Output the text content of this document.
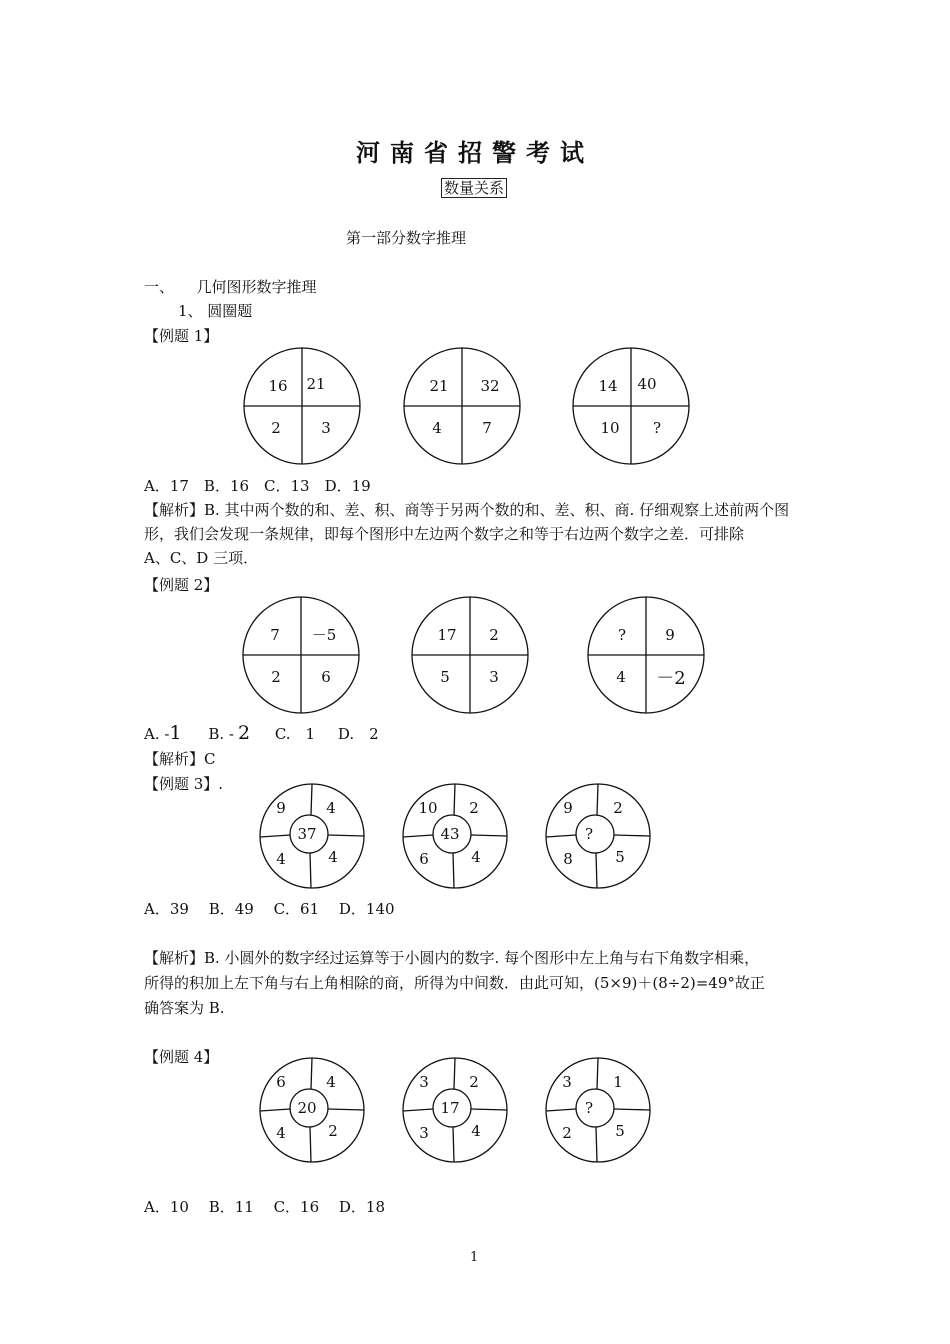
河南省招警考试
数量关系
第一部分数字推理
一、　　几何图形数字推理
1、 圆圈题
【例题 1】
A．17　B．16　C．13　D．19
【解析】B. 其中两个数的和、差、积、商等于另两个数的和、差、积、商. 仔细观察上述前两个图
形，我们会发现一条规律，即每个图形中左边两个数字之和等于右边两个数字之差．可排除
A、C、D 三项．
【例题 2】
A. -1 B. - 2 C.　1 D.　2
【解析】C
【例题 3】.
A．39　 B．49　 C．61　 D．140
【解析】B. 小圆外的数字经过运算等于小圆内的数字. 每个图形中左上角与右下角数字相乘，
所得的积加上左下角与右上角相除的商，所得为中间数．由此可知，(5×9)＋(8÷2)=49°故正
确答案为 B.
【例题 4】
A．10　 B．11　 C．16　 D．18
1
16 21
2	3
21 32
4	7
14 40
10 ?
7 －5
2	6
17 2
5	3
?	9
4 －2
9	4
37
4	4
10 2
43
6	4
9	2
?
8	5
6	4
20
4	2
3	2
17
3	4
3	1
?
2	5
